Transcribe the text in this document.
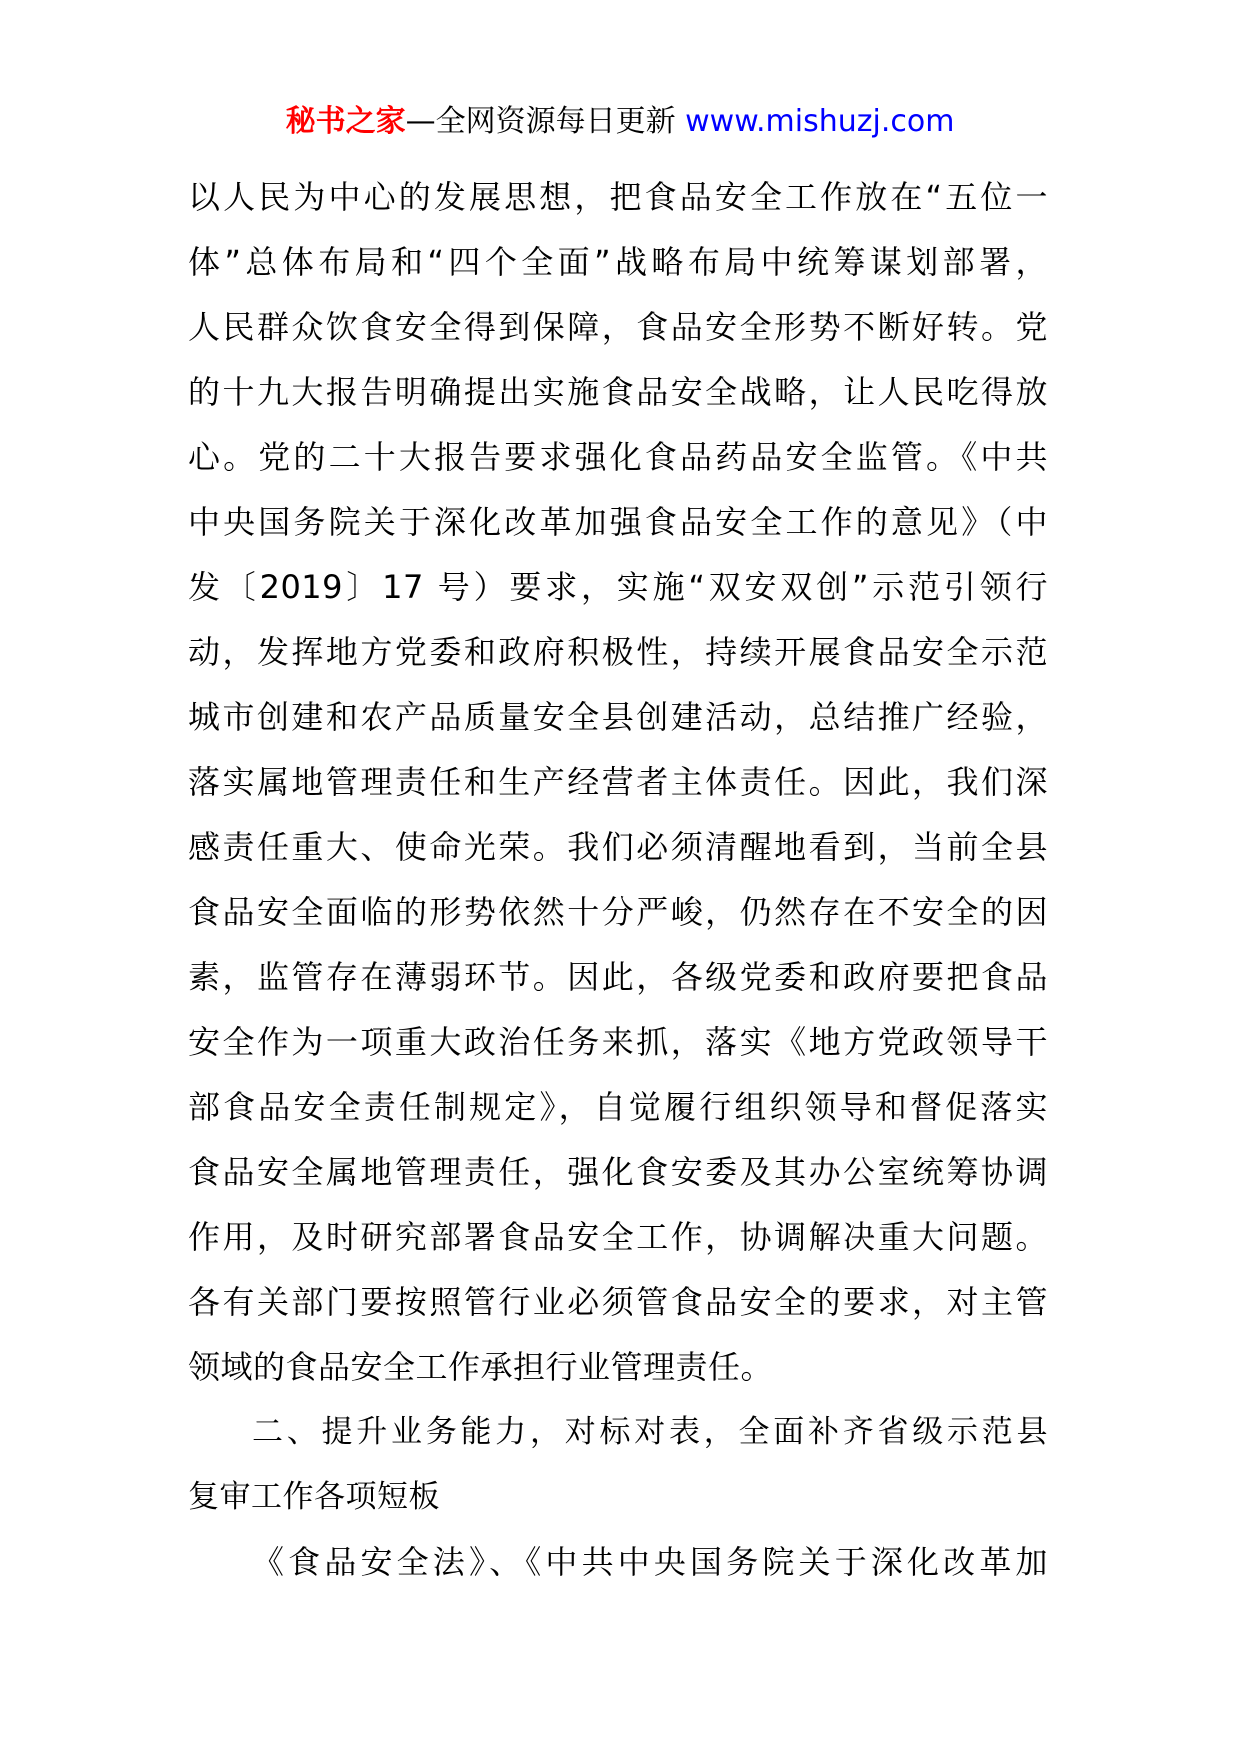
秘书之家—全网资源每日更新 www.mishuzj.com
以人民为中心的发展思想，把食品安全工作放在“五位一
体”总体布局和“四个全面”战略布局中统筹谋划部署，
人民群众饮食安全得到保障，食品安全形势不断好转。党
的十九大报告明确提出实施食品安全战略，让人民吃得放
心。党的二十大报告要求强化食品药品安全监管。《中共
中央国务院关于深化改革加强食品安全工作的意见》（中
发〔2019〕17 号）要求，实施“双安双创”示范引领行
动，发挥地方党委和政府积极性，持续开展食品安全示范
城市创建和农产品质量安全县创建活动，总结推广经验，
落实属地管理责任和生产经营者主体责任。因此，我们深
感责任重大、使命光荣。我们必须清醒地看到，当前全县
食品安全面临的形势依然十分严峻，仍然存在不安全的因
素，监管存在薄弱环节。因此，各级党委和政府要把食品
安全作为一项重大政治任务来抓，落实《地方党政领导干
部食品安全责任制规定》，自觉履行组织领导和督促落实
食品安全属地管理责任，强化食安委及其办公室统筹协调
作用，及时研究部署食品安全工作，协调解决重大问题。
各有关部门要按照管行业必须管食品安全的要求，对主管
领域的食品安全工作承担行业管理责任。
二、提升业务能力，对标对表，全面补齐省级示范县
复审工作各项短板
《食品安全法》、《中共中央国务院关于深化改革加
